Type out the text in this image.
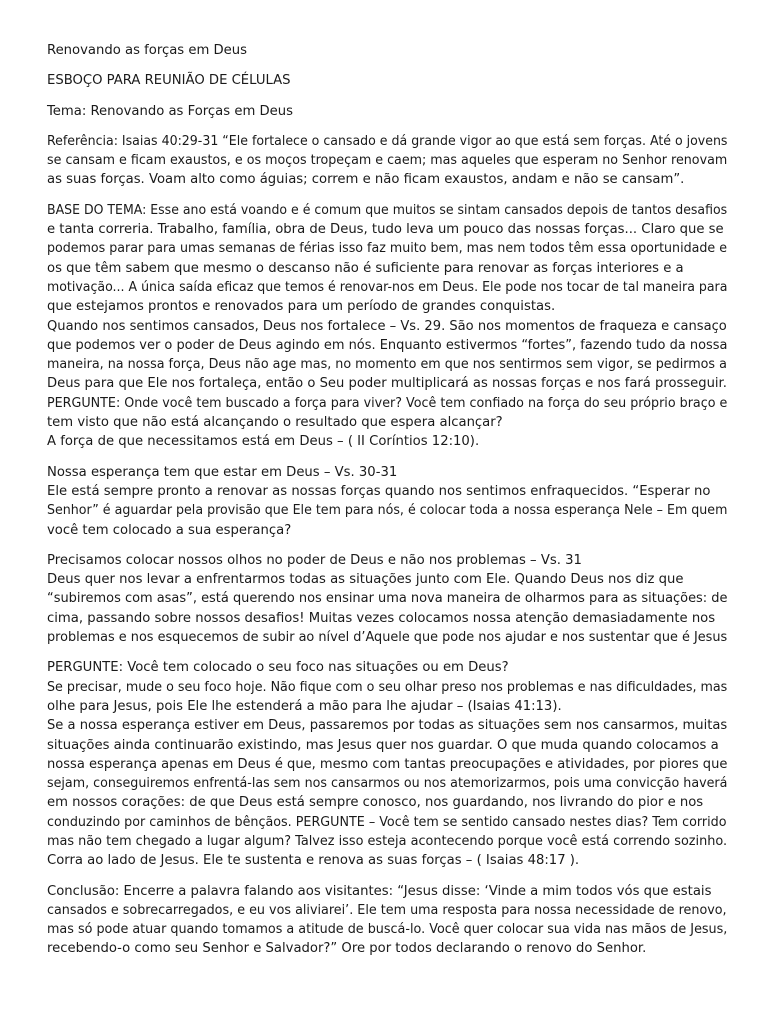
Renovando as forças em Deus
ESBOÇO PARA REUNIÃO DE CÉLULAS
Tema: Renovando as Forças em Deus
Referência: Isaias 40:29-31 “Ele fortalece o cansado e dá grande vigor ao que está sem forças. Até o jovens
se cansam e ficam exaustos, e os moços tropeçam e caem; mas aqueles que esperam no Senhor renovam
as suas forças. Voam alto como águias; correm e não ficam exaustos, andam e não se cansam”.
BASE DO TEMA: Esse ano está voando e é comum que muitos se sintam cansados depois de tantos desafios
e tanta correria. Trabalho, família, obra de Deus, tudo leva um pouco das nossas forças... Claro que se
podemos parar para umas semanas de férias isso faz muito bem, mas nem todos têm essa oportunidade e
os que têm sabem que mesmo o descanso não é suficiente para renovar as forças interiores e a
motivação... A única saída eficaz que temos é renovar-nos em Deus. Ele pode nos tocar de tal maneira para
que estejamos prontos e renovados para um período de grandes conquistas.
Quando nos sentimos cansados, Deus nos fortalece – Vs. 29. São nos momentos de fraqueza e cansaço
que podemos ver o poder de Deus agindo em nós. Enquanto estivermos “fortes”, fazendo tudo da nossa
maneira, na nossa força, Deus não age mas, no momento em que nos sentirmos sem vigor, se pedirmos a
Deus para que Ele nos fortaleça, então o Seu poder multiplicará as nossas forças e nos fará prosseguir.
PERGUNTE: Onde você tem buscado a força para viver? Você tem confiado na força do seu próprio braço e
tem visto que não está alcançando o resultado que espera alcançar?
A força de que necessitamos está em Deus – ( II Coríntios 12:10).
Nossa esperança tem que estar em Deus – Vs. 30-31
Ele está sempre pronto a renovar as nossas forças quando nos sentimos enfraquecidos. “Esperar no
Senhor” é aguardar pela provisão que Ele tem para nós, é colocar toda a nossa esperança Nele – Em quem
você tem colocado a sua esperança?
Precisamos colocar nossos olhos no poder de Deus e não nos problemas – Vs. 31
Deus quer nos levar a enfrentarmos todas as situações junto com Ele. Quando Deus nos diz que
“subiremos com asas”, está querendo nos ensinar uma nova maneira de olharmos para as situações: de
cima, passando sobre nossos desafios! Muitas vezes colocamos nossa atenção demasiadamente nos
problemas e nos esquecemos de subir ao nível d’Aquele que pode nos ajudar e nos sustentar que é Jesus
PERGUNTE: Você tem colocado o seu foco nas situações ou em Deus?
Se precisar, mude o seu foco hoje. Não fique com o seu olhar preso nos problemas e nas dificuldades, mas
olhe para Jesus, pois Ele lhe estenderá a mão para lhe ajudar – (Isaias 41:13).
Se a nossa esperança estiver em Deus, passaremos por todas as situações sem nos cansarmos, muitas
situações ainda continuarão existindo, mas Jesus quer nos guardar. O que muda quando colocamos a
nossa esperança apenas em Deus é que, mesmo com tantas preocupações e atividades, por piores que
sejam, conseguiremos enfrentá-las sem nos cansarmos ou nos atemorizarmos, pois uma convicção haverá
em nossos corações: de que Deus está sempre conosco, nos guardando, nos livrando do pior e nos
conduzindo por caminhos de bênçãos. PERGUNTE – Você tem se sentido cansado nestes dias? Tem corrido
mas não tem chegado a lugar algum? Talvez isso esteja acontecendo porque você está correndo sozinho.
Corra ao lado de Jesus. Ele te sustenta e renova as suas forças – ( Isaias 48:17 ).
Conclusão: Encerre a palavra falando aos visitantes: “Jesus disse: ‘Vinde a mim todos vós que estais
cansados e sobrecarregados, e eu vos aliviarei’. Ele tem uma resposta para nossa necessidade de renovo,
mas só pode atuar quando tomamos a atitude de buscá-lo. Você quer colocar sua vida nas mãos de Jesus,
recebendo-o como seu Senhor e Salvador?” Ore por todos declarando o renovo do Senhor.
